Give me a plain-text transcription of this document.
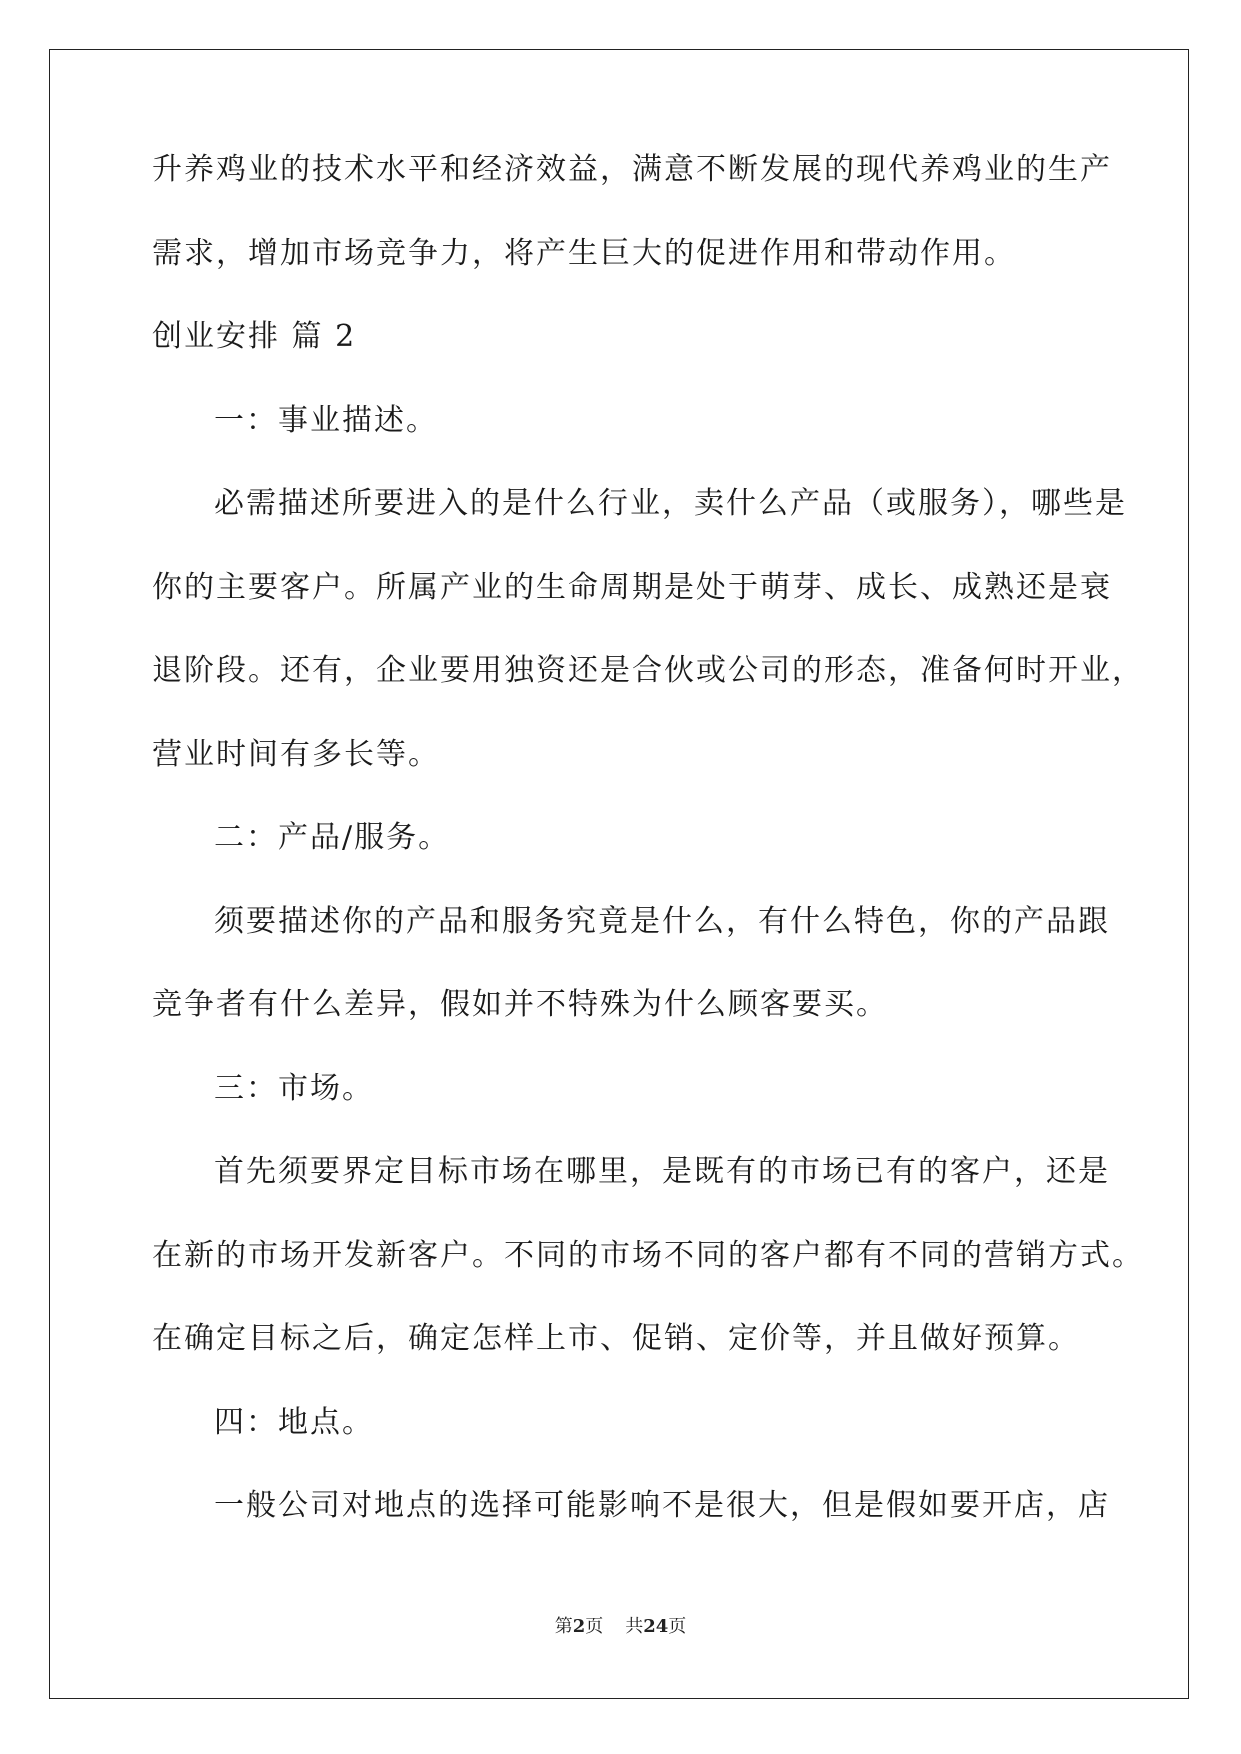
升养鸡业的技术水平和经济效益，满意不断发展的现代养鸡业的生产
需求，增加市场竞争力，将产生巨大的促进作用和带动作用。
创业安排 篇 2
一：事业描述。
必需描述所要进入的是什么行业，卖什么产品（或服务），哪些是
你的主要客户。所属产业的生命周期是处于萌芽、成长、成熟还是衰
退阶段。还有，企业要用独资还是合伙或公司的形态，准备何时开业，
营业时间有多长等。
二：产品/服务。
须要描述你的产品和服务究竟是什么，有什么特色，你的产品跟
竞争者有什么差异，假如并不特殊为什么顾客要买。
三：市场。
首先须要界定目标市场在哪里，是既有的市场已有的客户，还是
在新的市场开发新客户。不同的市场不同的客户都有不同的营销方式。
在确定目标之后，确定怎样上市、促销、定价等，并且做好预算。
四：地点。
一般公司对地点的选择可能影响不是很大，但是假如要开店，店
第2页 共24页
